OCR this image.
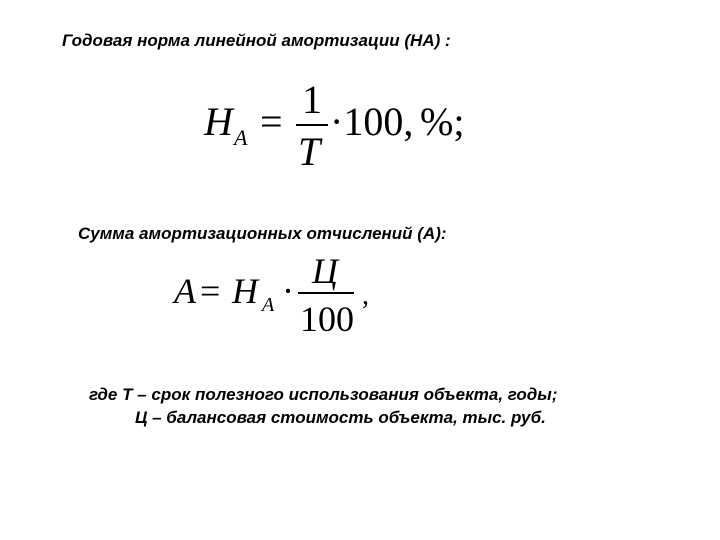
Годовая норма линейной амортизации (НА) :
H A = 1
T
·100, %;
Сумма амортизационных отчислений (А):
A = H A · Ц
100
,
где Т – срок полезного использования объекта, годы;
Ц – балансовая стоимость объекта, тыс. руб.
